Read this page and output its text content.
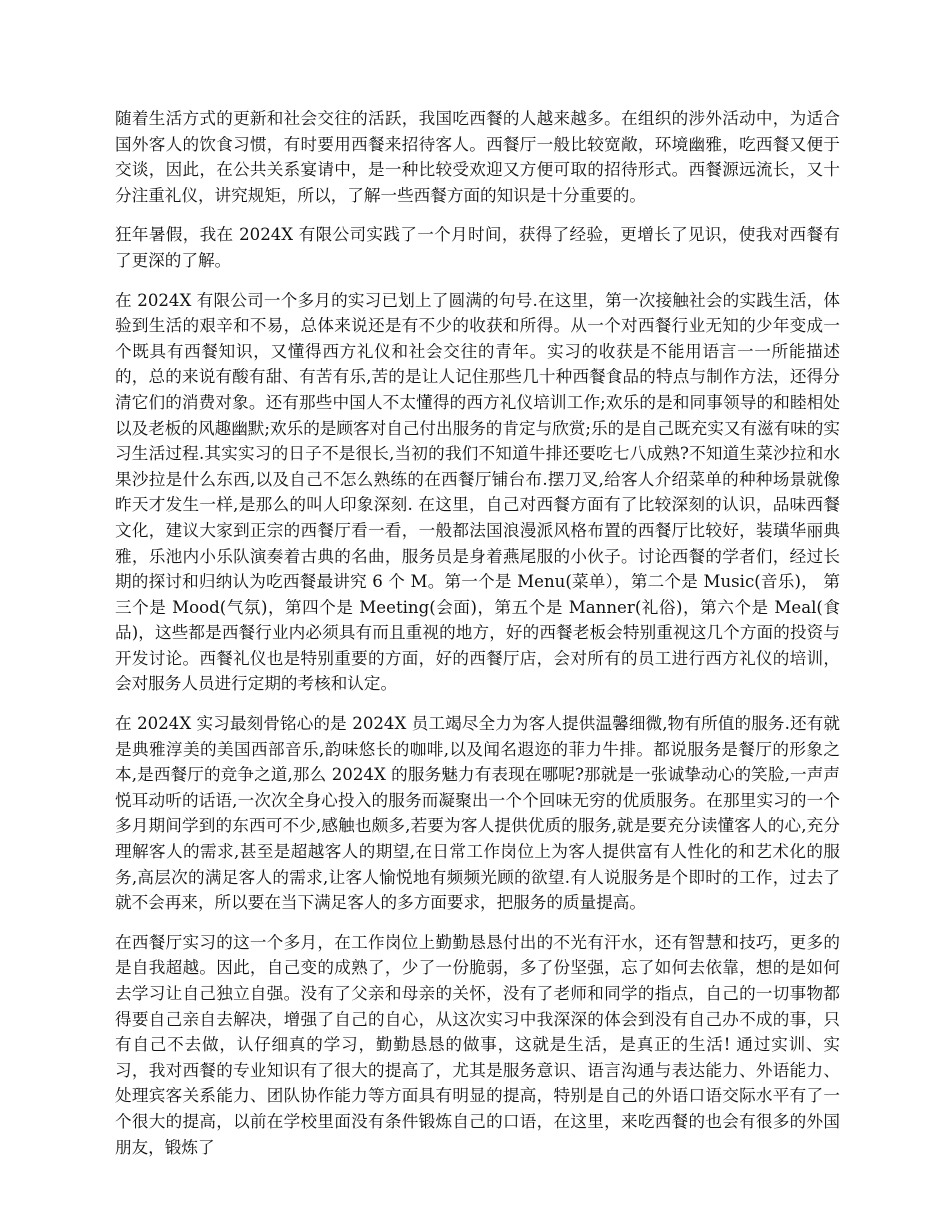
随着生活方式的更新和社会交往的活跃，我国吃西餐的人越来越多。在组织的涉外活动中，为适合国外客人的饮食习惯，有时要用西餐来招待客人。西餐厅一般比较宽敞，环境幽雅，吃西餐又便于交谈，因此，在公共关系宴请中，是一种比较受欢迎又方便可取的招待形式。西餐源远流长，又十分注重礼仪，讲究规矩，所以，了解一些西餐方面的知识是十分重要的。

狂年暑假，我在 2024X 有限公司实践了一个月时间，获得了经验，更增长了见识，使我对西餐有了更深的了解。

在 2024X 有限公司一个多月的实习已划上了圆满的句号.在这里，第一次接触社会的实践生活，体验到生活的艰辛和不易，总体来说还是有不少的收获和所得。从一个对西餐行业无知的少年变成一个既具有西餐知识，又懂得西方礼仪和社会交往的青年。实习的收获是不能用语言一一所能描述的，总的来说有酸有甜、有苦有乐,苦的是让人记住那些几十种西餐食品的特点与制作方法，还得分清它们的消费对象。还有那些中国人不太懂得的西方礼仪培训工作;欢乐的是和同事领导的和睦相处以及老板的风趣幽默;欢乐的是顾客对自己付出服务的肯定与欣赏;乐的是自己既充实又有滋有味的实习生活过程.其实实习的日子不是很长,当初的我们不知道牛排还要吃七八成熟?不知道生菜沙拉和水果沙拉是什么东西,以及自己不怎么熟练的在西餐厅铺台布.摆刀叉,给客人介绍菜单的种种场景就像昨天才发生一样,是那么的叫人印象深刻. 在这里，自己对西餐方面有了比较深刻的认识，品味西餐文化，建议大家到正宗的西餐厅看一看，一般都法国浪漫派风格布置的西餐厅比较好，装璜华丽典雅，乐池内小乐队演奏着古典的名曲，服务员是身着燕尾服的小伙子。讨论西餐的学者们，经过长期的探讨和归纳认为吃西餐最讲究 6 个 M。第一个是 Menu(菜单），第二个是 Music(音乐)， 第三个是 Mood(气氛)，第四个是 Meeting(会面)，第五个是 Manner(礼俗)，第六个是 Meal(食品)，这些都是西餐行业内必须具有而且重视的地方，好的西餐老板会特别重视这几个方面的投资与开发讨论。西餐礼仪也是特别重要的方面，好的西餐厅店，会对所有的员工进行西方礼仪的培训，会对服务人员进行定期的考核和认定。

在 2024X 实习最刻骨铭心的是 2024X 员工竭尽全力为客人提供温馨细微,物有所值的服务.还有就是典雅淳美的美国西部音乐,韵味悠长的咖啡,以及闻名遐迩的菲力牛排。都说服务是餐厅的形象之本,是西餐厅的竞争之道,那么 2024X 的服务魅力有表现在哪呢?那就是一张诚挚动心的笑脸,一声声悦耳动听的话语,一次次全身心投入的服务而凝聚出一个个回味无穷的优质服务。在那里实习的一个多月期间学到的东西可不少,感触也颇多,若要为客人提供优质的服务,就是要充分读懂客人的心,充分理解客人的需求,甚至是超越客人的期望,在日常工作岗位上为客人提供富有人性化的和艺术化的服务,高层次的满足客人的需求,让客人愉悦地有频频光顾的欲望.有人说服务是个即时的工作，过去了就不会再来，所以要在当下满足客人的多方面要求，把服务的质量提高。

在西餐厅实习的这一个多月，在工作岗位上勤勤恳恳付出的不光有汗水，还有智慧和技巧，更多的是自我超越。因此，自己变的成熟了，少了一份脆弱，多了份坚强，忘了如何去依靠，想的是如何去学习让自己独立自强。没有了父亲和母亲的关怀，没有了老师和同学的指点，自己的一切事物都得要自己亲自去解决，增强了自己的自心，从这次实习中我深深的体会到没有自己办不成的事，只有自己不去做，认仔细真的学习，勤勤恳恳的做事，这就是生活，是真正的生活! 通过实训、实习，我对西餐的专业知识有了很大的提高了，尤其是服务意识、语言沟通与表达能力、外语能力、处理宾客关系能力、团队协作能力等方面具有明显的提高，特别是自己的外语口语交际水平有了一个很大的提高，以前在学校里面没有条件锻炼自己的口语，在这里，来吃西餐的也会有很多的外国朋友，锻炼了
